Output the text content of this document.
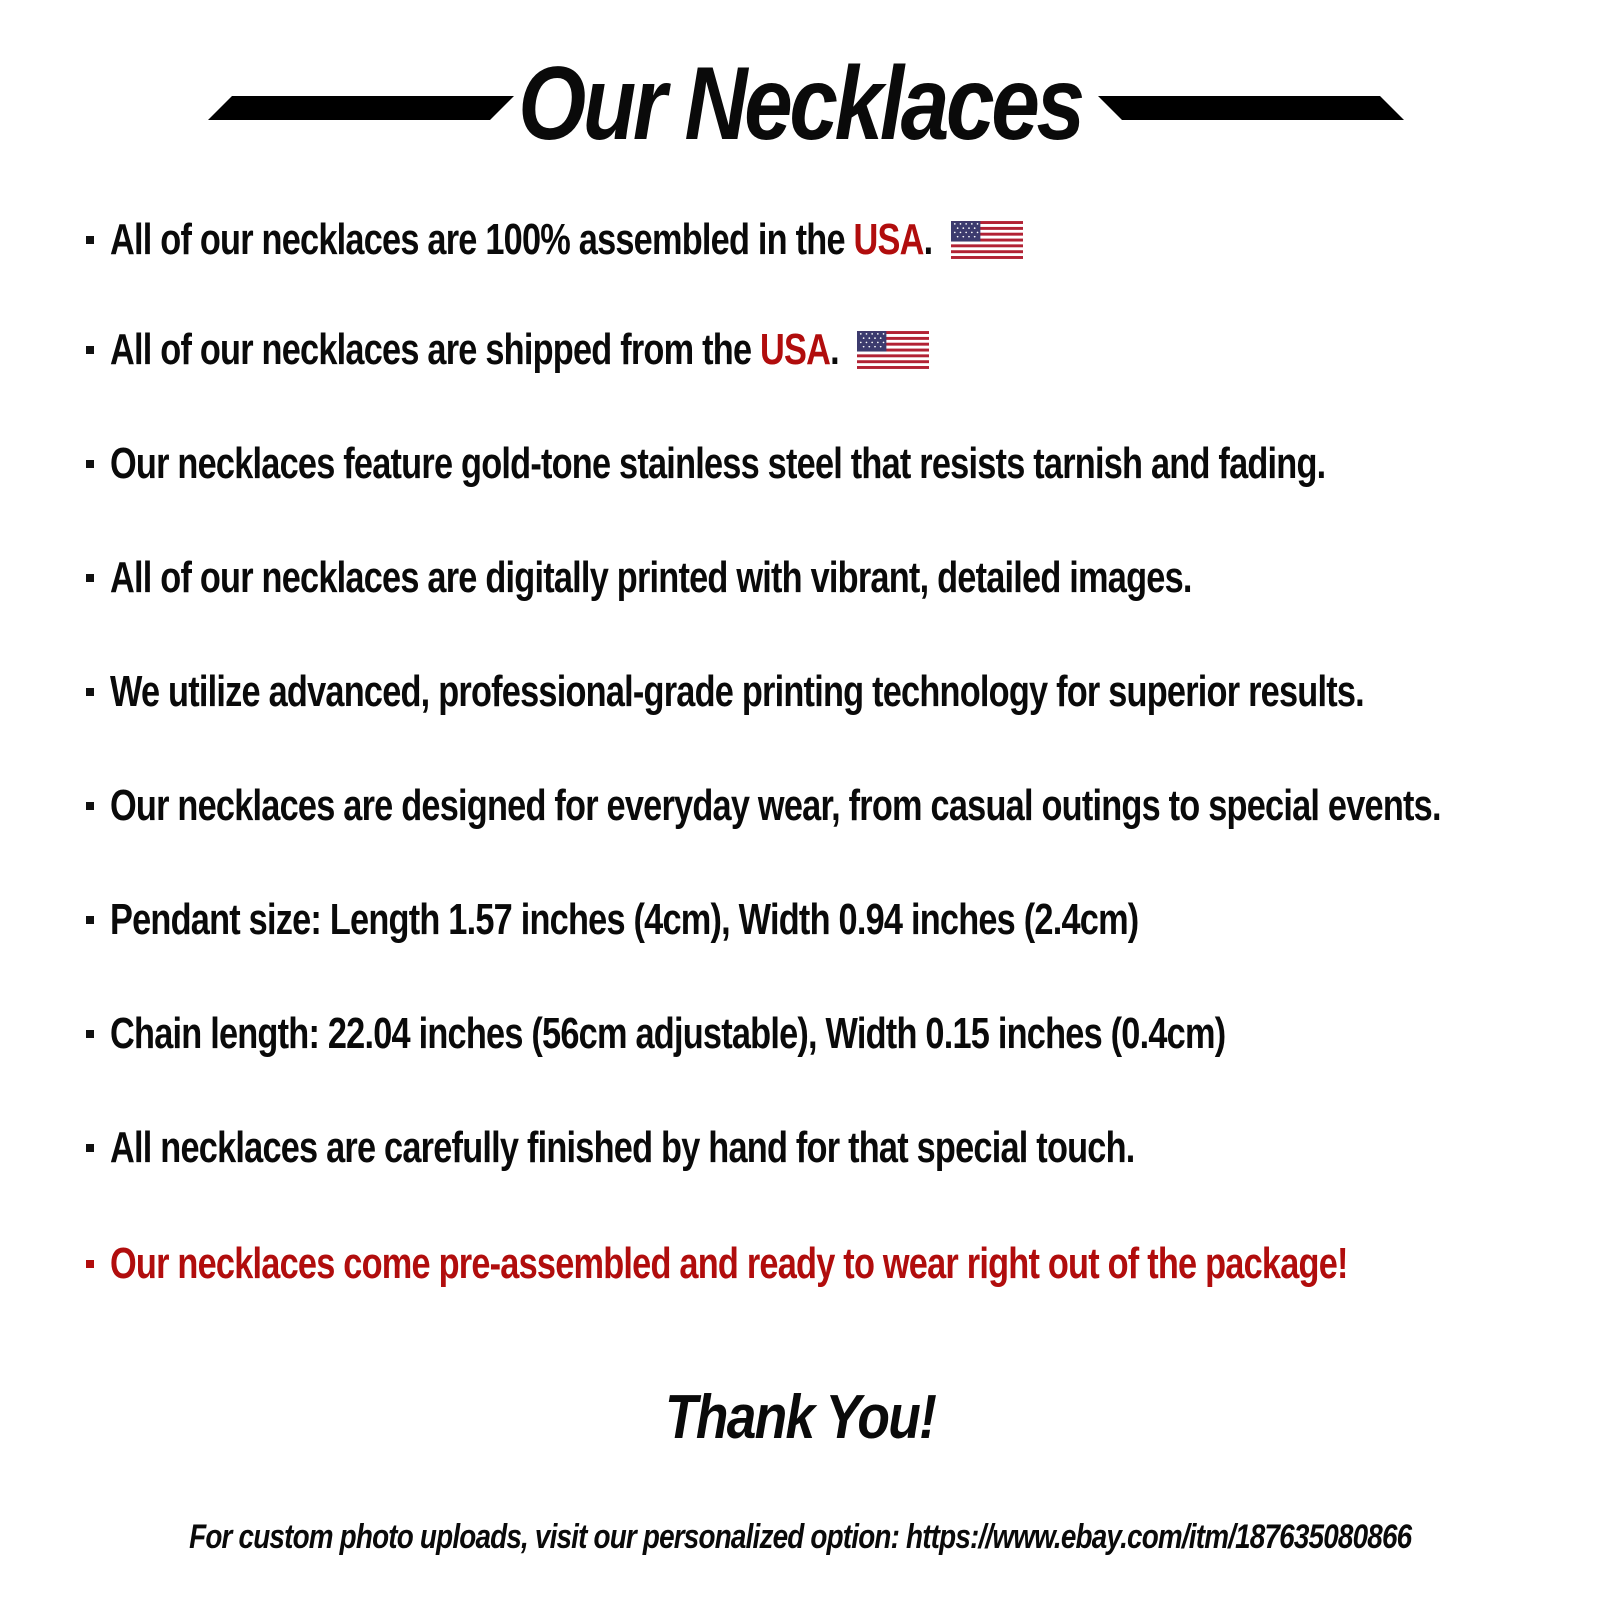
Our Necklaces
All of our necklaces are 100% assembled in the USA.
All of our necklaces are shipped from the USA.
Our necklaces feature gold-tone stainless steel that resists tarnish and fading.
All of our necklaces are digitally printed with vibrant, detailed images.
We utilize advanced, professional-grade printing technology for superior results.
Our necklaces are designed for everyday wear, from casual outings to special events.
Pendant size: Length 1.57 inches (4cm), Width 0.94 inches (2.4cm)
Chain length: 22.04 inches (56cm adjustable), Width 0.15 inches (0.4cm)
All necklaces are carefully finished by hand for that special touch.
Our necklaces come pre-assembled and ready to wear right out of the package!
Thank You!
For custom photo uploads, visit our personalized option: https://www.ebay.com/itm/187635080866
